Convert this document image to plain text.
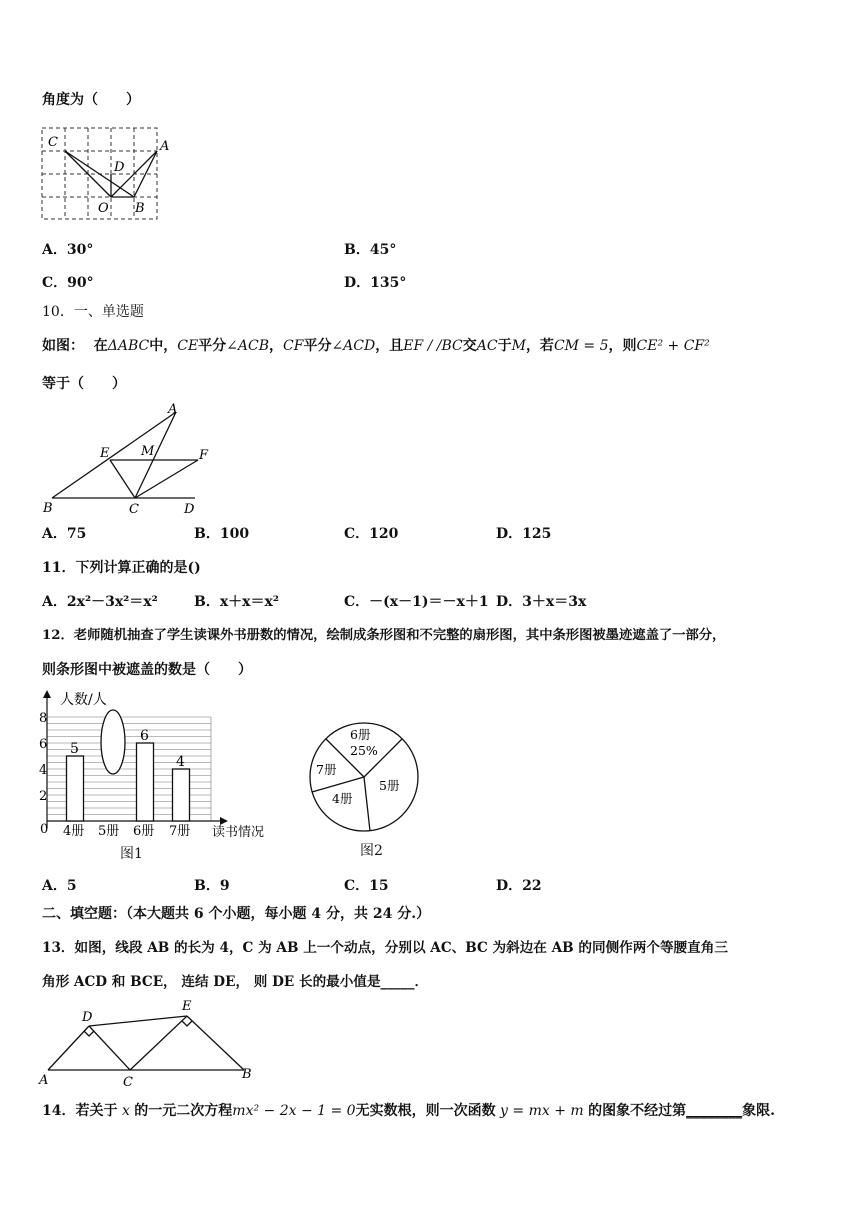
角度为（　　）
C	A
D
O B
A．30°	B．45°
C．90°	D．135°
10．一、单选题
如图： 在ΔABC中，CE平分∠ACB，CF平分∠ACD，且EF / /BC交AC于M，若CM = 5，则CE² + CF²
等于（　　）
A
E M	F
B	C	D
A．75	B．100	C．120	D．125
11．下列计算正确的是()
A．2x²－3x²＝x²	B．x＋x＝x²	C．－(x－1)＝－x＋1 D．3＋x＝3x
12．老师随机抽查了学生读课外书册数的情况，绘制成条形图和不完整的扇形图，其中条形图被墨迹遮盖了一部分，
则条形图中被遮盖的数是（　　）
0
2
4
6
8
5
4册 5册
6
6册
4
7册
人数/人
读书情况
图1
6册
25%
5册
4册
7册
图2
A．5	B．9	C．15	D．22
二、填空题：（本大题共 6 个小题，每小题 4 分，共 24 分.）
13．如图，线段 AB 的长为 4，C 为 AB 上一个动点，分别以 AC、BC 为斜边在 AB 的同侧作两个等腰直角三
角形 ACD 和 BCE， 连结 DE， 则 DE 长的最小值是_____．
D
E
A	C
B
14．若关于 x 的一元二次方程mx² − 2x − 1 = 0无实数根，则一次函数 y = mx + m 的图象不经过第________象限.
